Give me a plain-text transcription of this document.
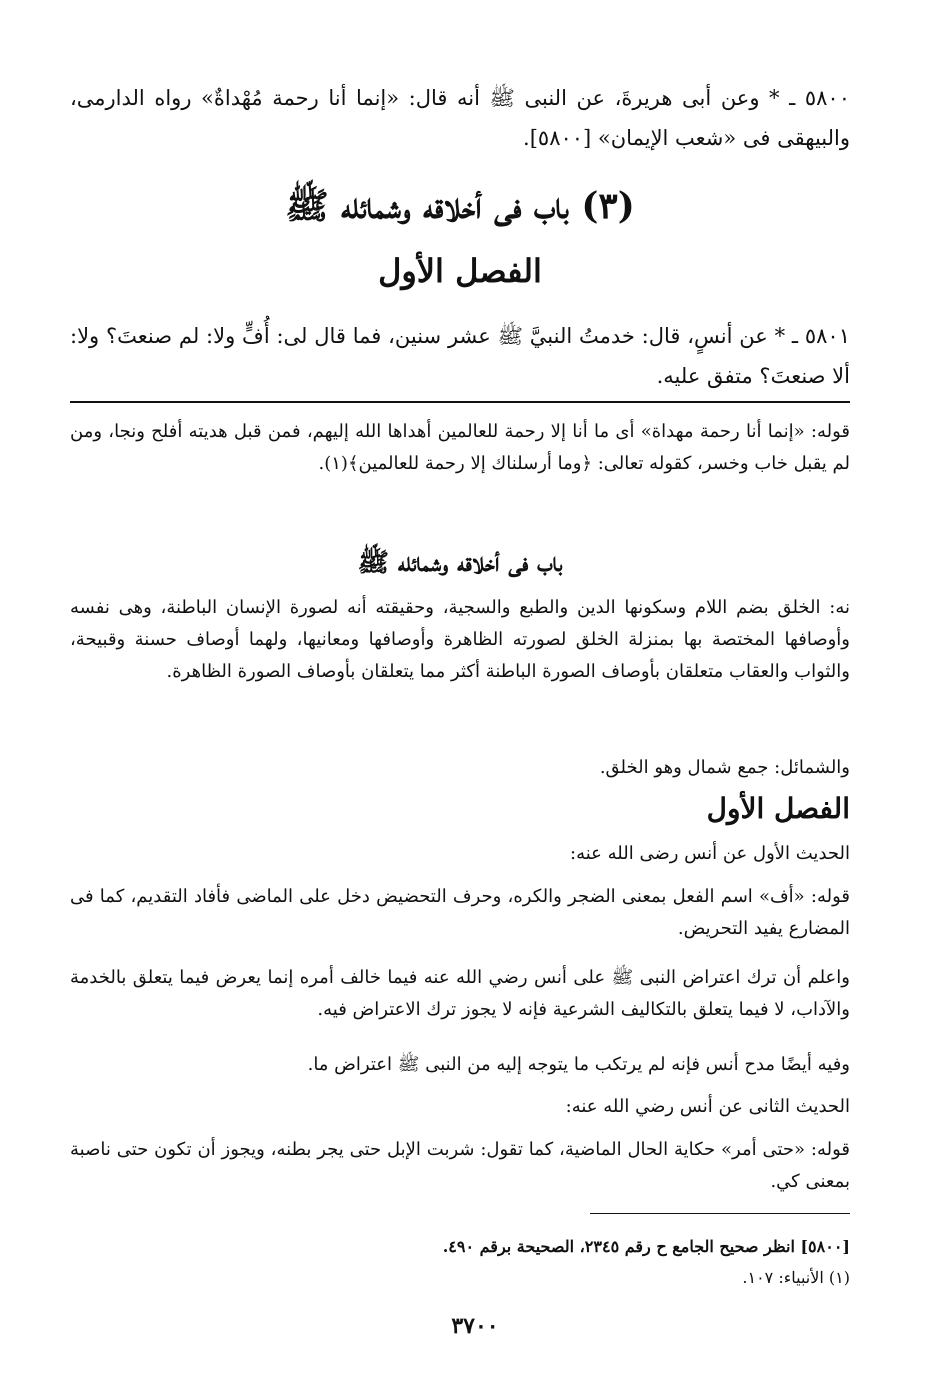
٥٨٠٠ ـ * وعن أبى هريرةَ، عن النبى ﷺ أنه قال: «إنما أنا رحمة مُهْداةٌ» رواه الدارمى، والبيهقى فى «شعب الإيمان» [٥٨٠٠].

(٣) باب فى أخلاقه وشمائله ﷺ
الفصل الأول

٥٨٠١ ـ * عن أنسٍ، قال: خدمتُ النبيَّ ﷺ عشر سنين، فما قال لى: أُفٍّ ولا: لم صنعتَ؟ ولا: ألا صنعتَ؟ متفق عليه.

قوله: «إنما أنا رحمة مهداة» أى ما أنا إلا رحمة للعالمين أهداها الله إليهم، فمن قبل هديته أفلح ونجا، ومن لم يقبل خاب وخسر، كقوله تعالى: ﴿وما أرسلناك إلا رحمة للعالمين﴾(١).

باب فى أخلاقه وشمائله ﷺ

نه: الخلق بضم اللام وسكونها الدين والطبع والسجية، وحقيقته أنه لصورة الإنسان الباطنة، وهى نفسه وأوصافها المختصة بها بمنزلة الخلق لصورته الظاهرة وأوصافها ومعانيها، ولهما أوصاف حسنة وقبيحة، والثواب والعقاب متعلقان بأوصاف الصورة الباطنة أكثر مما يتعلقان بأوصاف الصورة الظاهرة.

والشمائل: جمع شمال وهو الخلق.

الفصل الأول

الحديث الأول عن أنس رضى الله عنه:

قوله: «أف» اسم الفعل بمعنى الضجر والكره، وحرف التحضيض دخل على الماضى فأفاد التقديم، كما فى المضارع يفيد التحريض.

واعلم أن ترك اعتراض النبى ﷺ على أنس رضي الله عنه فيما خالف أمره إنما يعرض فيما يتعلق بالخدمة والآداب، لا فيما يتعلق بالتكاليف الشرعية فإنه لا يجوز ترك الاعتراض فيه.

وفيه أيضًا مدح أنس فإنه لم يرتكب ما يتوجه إليه من النبى ﷺ اعتراض ما.

الحديث الثانى عن أنس رضي الله عنه:

قوله: «حتى أمر» حكاية الحال الماضية، كما تقول: شربت الإبل حتى يجر بطنه، ويجوز أن تكون حتى ناصبة بمعنى كي.

[٥٨٠٠] انظر صحيح الجامع ح رقم ٢٣٤٥، الصحيحة برقم ٤٩٠.

(١) الأنبياء: ١٠٧.

٣٧٠٠
